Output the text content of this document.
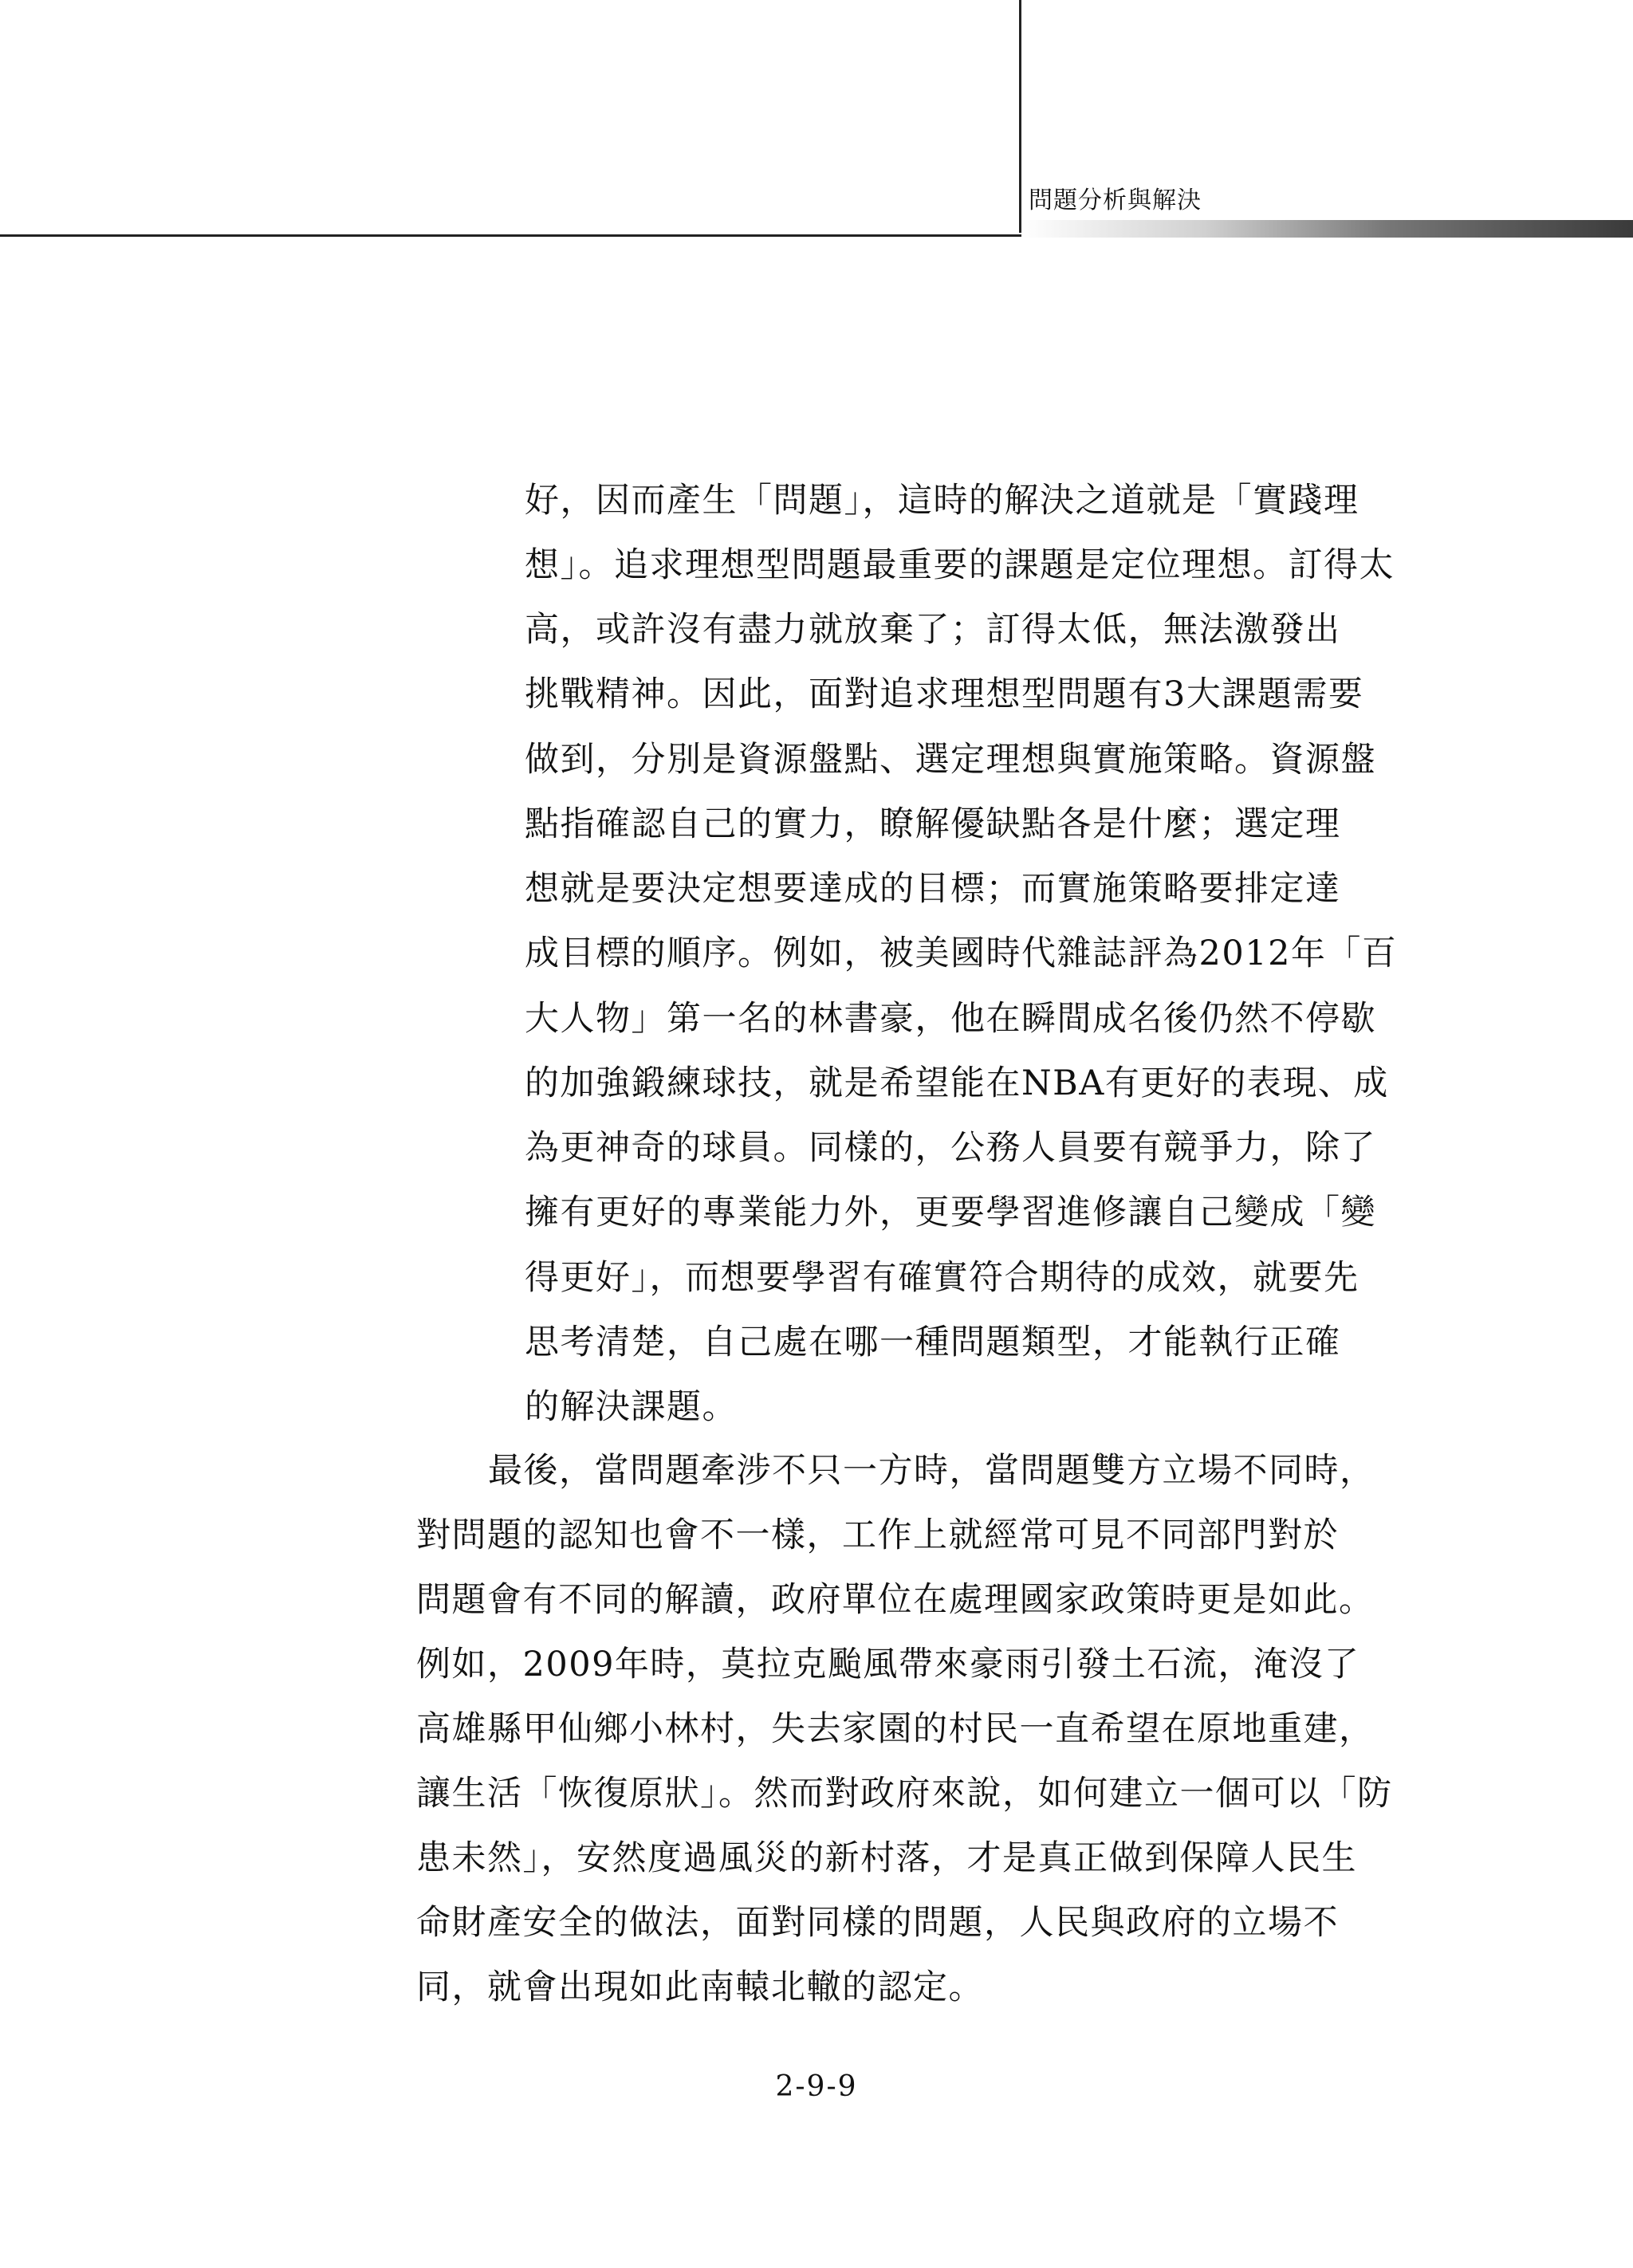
問題分析與解決
好，因而產生「問題」，這時的解決之道就是「實踐理
想」。追求理想型問題最重要的課題是定位理想。訂得太
高，或許沒有盡力就放棄了；訂得太低，無法激發出
挑戰精神。因此，面對追求理想型問題有3大課題需要
做到，分別是資源盤點、選定理想與實施策略。資源盤
點指確認自己的實力，瞭解優缺點各是什麼；選定理
想就是要決定想要達成的目標；而實施策略要排定達
成目標的順序。例如，被美國時代雜誌評為2012年「百
大人物」第一名的林書豪，他在瞬間成名後仍然不停歇
的加強鍛練球技，就是希望能在NBA有更好的表現、成
為更神奇的球員。同樣的，公務人員要有競爭力，除了
擁有更好的專業能力外，更要學習進修讓自己變成「變
得更好」，而想要學習有確實符合期待的成效，就要先
思考清楚，自己處在哪一種問題類型，才能執行正確
的解決課題。
最後，當問題牽涉不只一方時，當問題雙方立場不同時，
對問題的認知也會不一樣，工作上就經常可見不同部門對於
問題會有不同的解讀，政府單位在處理國家政策時更是如此。
例如，2009年時，莫拉克颱風帶來豪雨引發土石流，淹沒了
高雄縣甲仙鄉小林村，失去家園的村民一直希望在原地重建，
讓生活「恢復原狀」。然而對政府來說，如何建立一個可以「防
患未然」，安然度過風災的新村落，才是真正做到保障人民生
命財產安全的做法，面對同樣的問題，人民與政府的立場不
同，就會出現如此南轅北轍的認定。
2-9-9
